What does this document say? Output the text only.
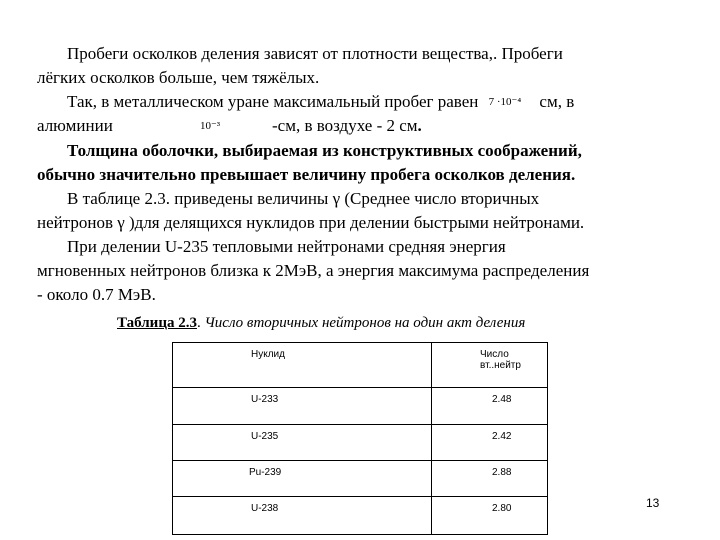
Пробеги осколков деления зависят от плотности вещества,. Пробеги
лёгких осколков больше, чем тяжёлых.
Так, в металлическом уране максимальный пробег равен 7 ·10⁻⁴ см, в
алюминии	10⁻³	-см, в воздухе - 2 см.
Толщина оболочки, выбираемая из конструктивных соображений,
обычно значительно превышает величину пробега осколков деления.
В таблице 2.3. приведены величины γ (Среднее число вторичных
нейтронов γ )для делящихся нуклидов при делении быстрыми нейтронами.
При делении U-235 тепловыми нейтронами средняя энергия
мгновенных нейтронов близка к 2МэВ, а энергия максимума распределения
- около 0.7 МэВ.
Таблица 2.3. Число вторичных нейтронов на один акт деления
Нуклид	Число вт..нейтр
U-233	2.48
U-235	2.42
Pu-239	2.88
U-238	2.80	13
